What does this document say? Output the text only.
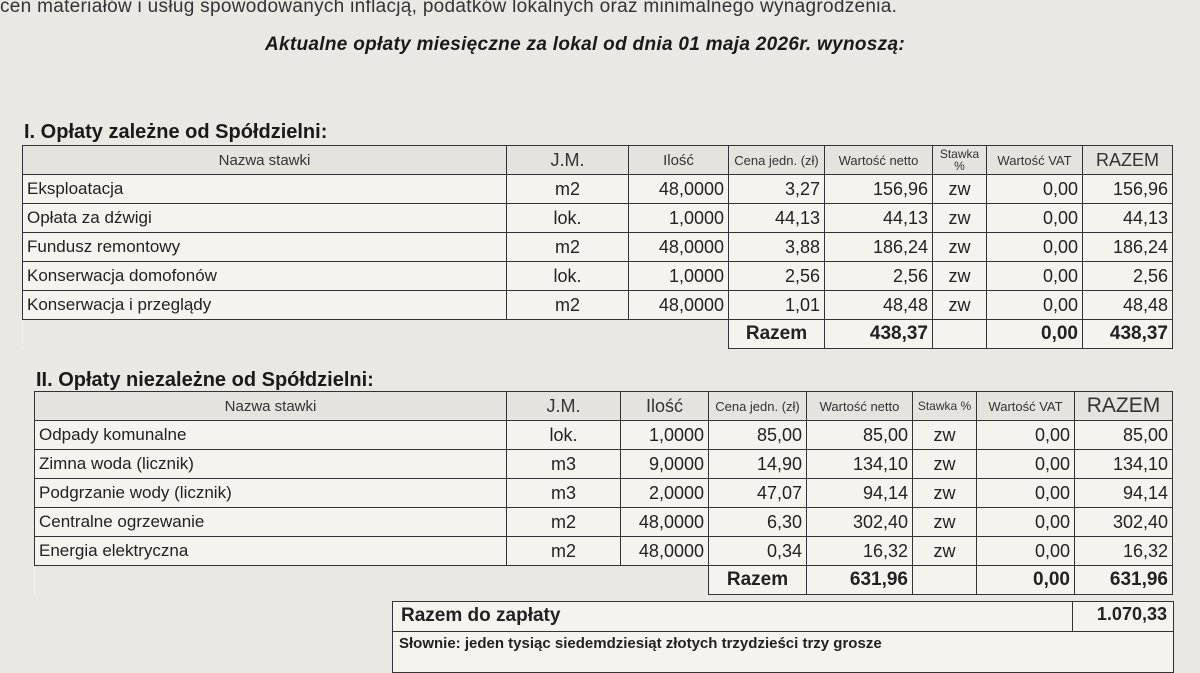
cen materiałów i usług spowodowanych inflacją, podatków lokalnych oraz minimalnego wynagrodzenia.
Aktualne opłaty miesięczne za lokal od dnia 01 maja 2026r. wynoszą:
I. Opłaty zależne od Spółdzielni:
Nazwa stawki	J.M.	Ilość	Cena jedn. (zł)	Wartość netto	Stawka %	Wartość VAT	RAZEM
Eksploatacja	m2	48,0000	3,27	156,96	zw	0,00	156,96
Opłata za dźwigi	lok.	1,0000	44,13	44,13	zw	0,00	44,13
Fundusz remontowy	m2	48,0000	3,88	186,24	zw	0,00	186,24
Konserwacja domofonów	lok.	1,0000	2,56	2,56	zw	0,00	2,56
Konserwacja i przeglądy	m2	48,0000	1,01	48,48	zw	0,00	48,48
			Razem	438,37		0,00	438,37
II. Opłaty niezależne od Spółdzielni:
Nazwa stawki	J.M.	Ilość	Cena jedn. (zł)	Wartość netto	Stawka %	Wartość VAT	RAZEM
Odpady komunalne	lok.	1,0000	85,00	85,00	zw	0,00	85,00
Zimna woda (licznik)	m3	9,0000	14,90	134,10	zw	0,00	134,10
Podgrzanie wody (licznik)	m3	2,0000	47,07	94,14	zw	0,00	94,14
Centralne ogrzewanie	m2	48,0000	6,30	302,40	zw	0,00	302,40
Energia elektryczna	m2	48,0000	0,34	16,32	zw	0,00	16,32
			Razem	631,96		0,00	631,96
Razem do zapłaty	1.070,33
Słownie: jeden tysiąc siedemdziesiąt złotych trzydzieści trzy grosze
